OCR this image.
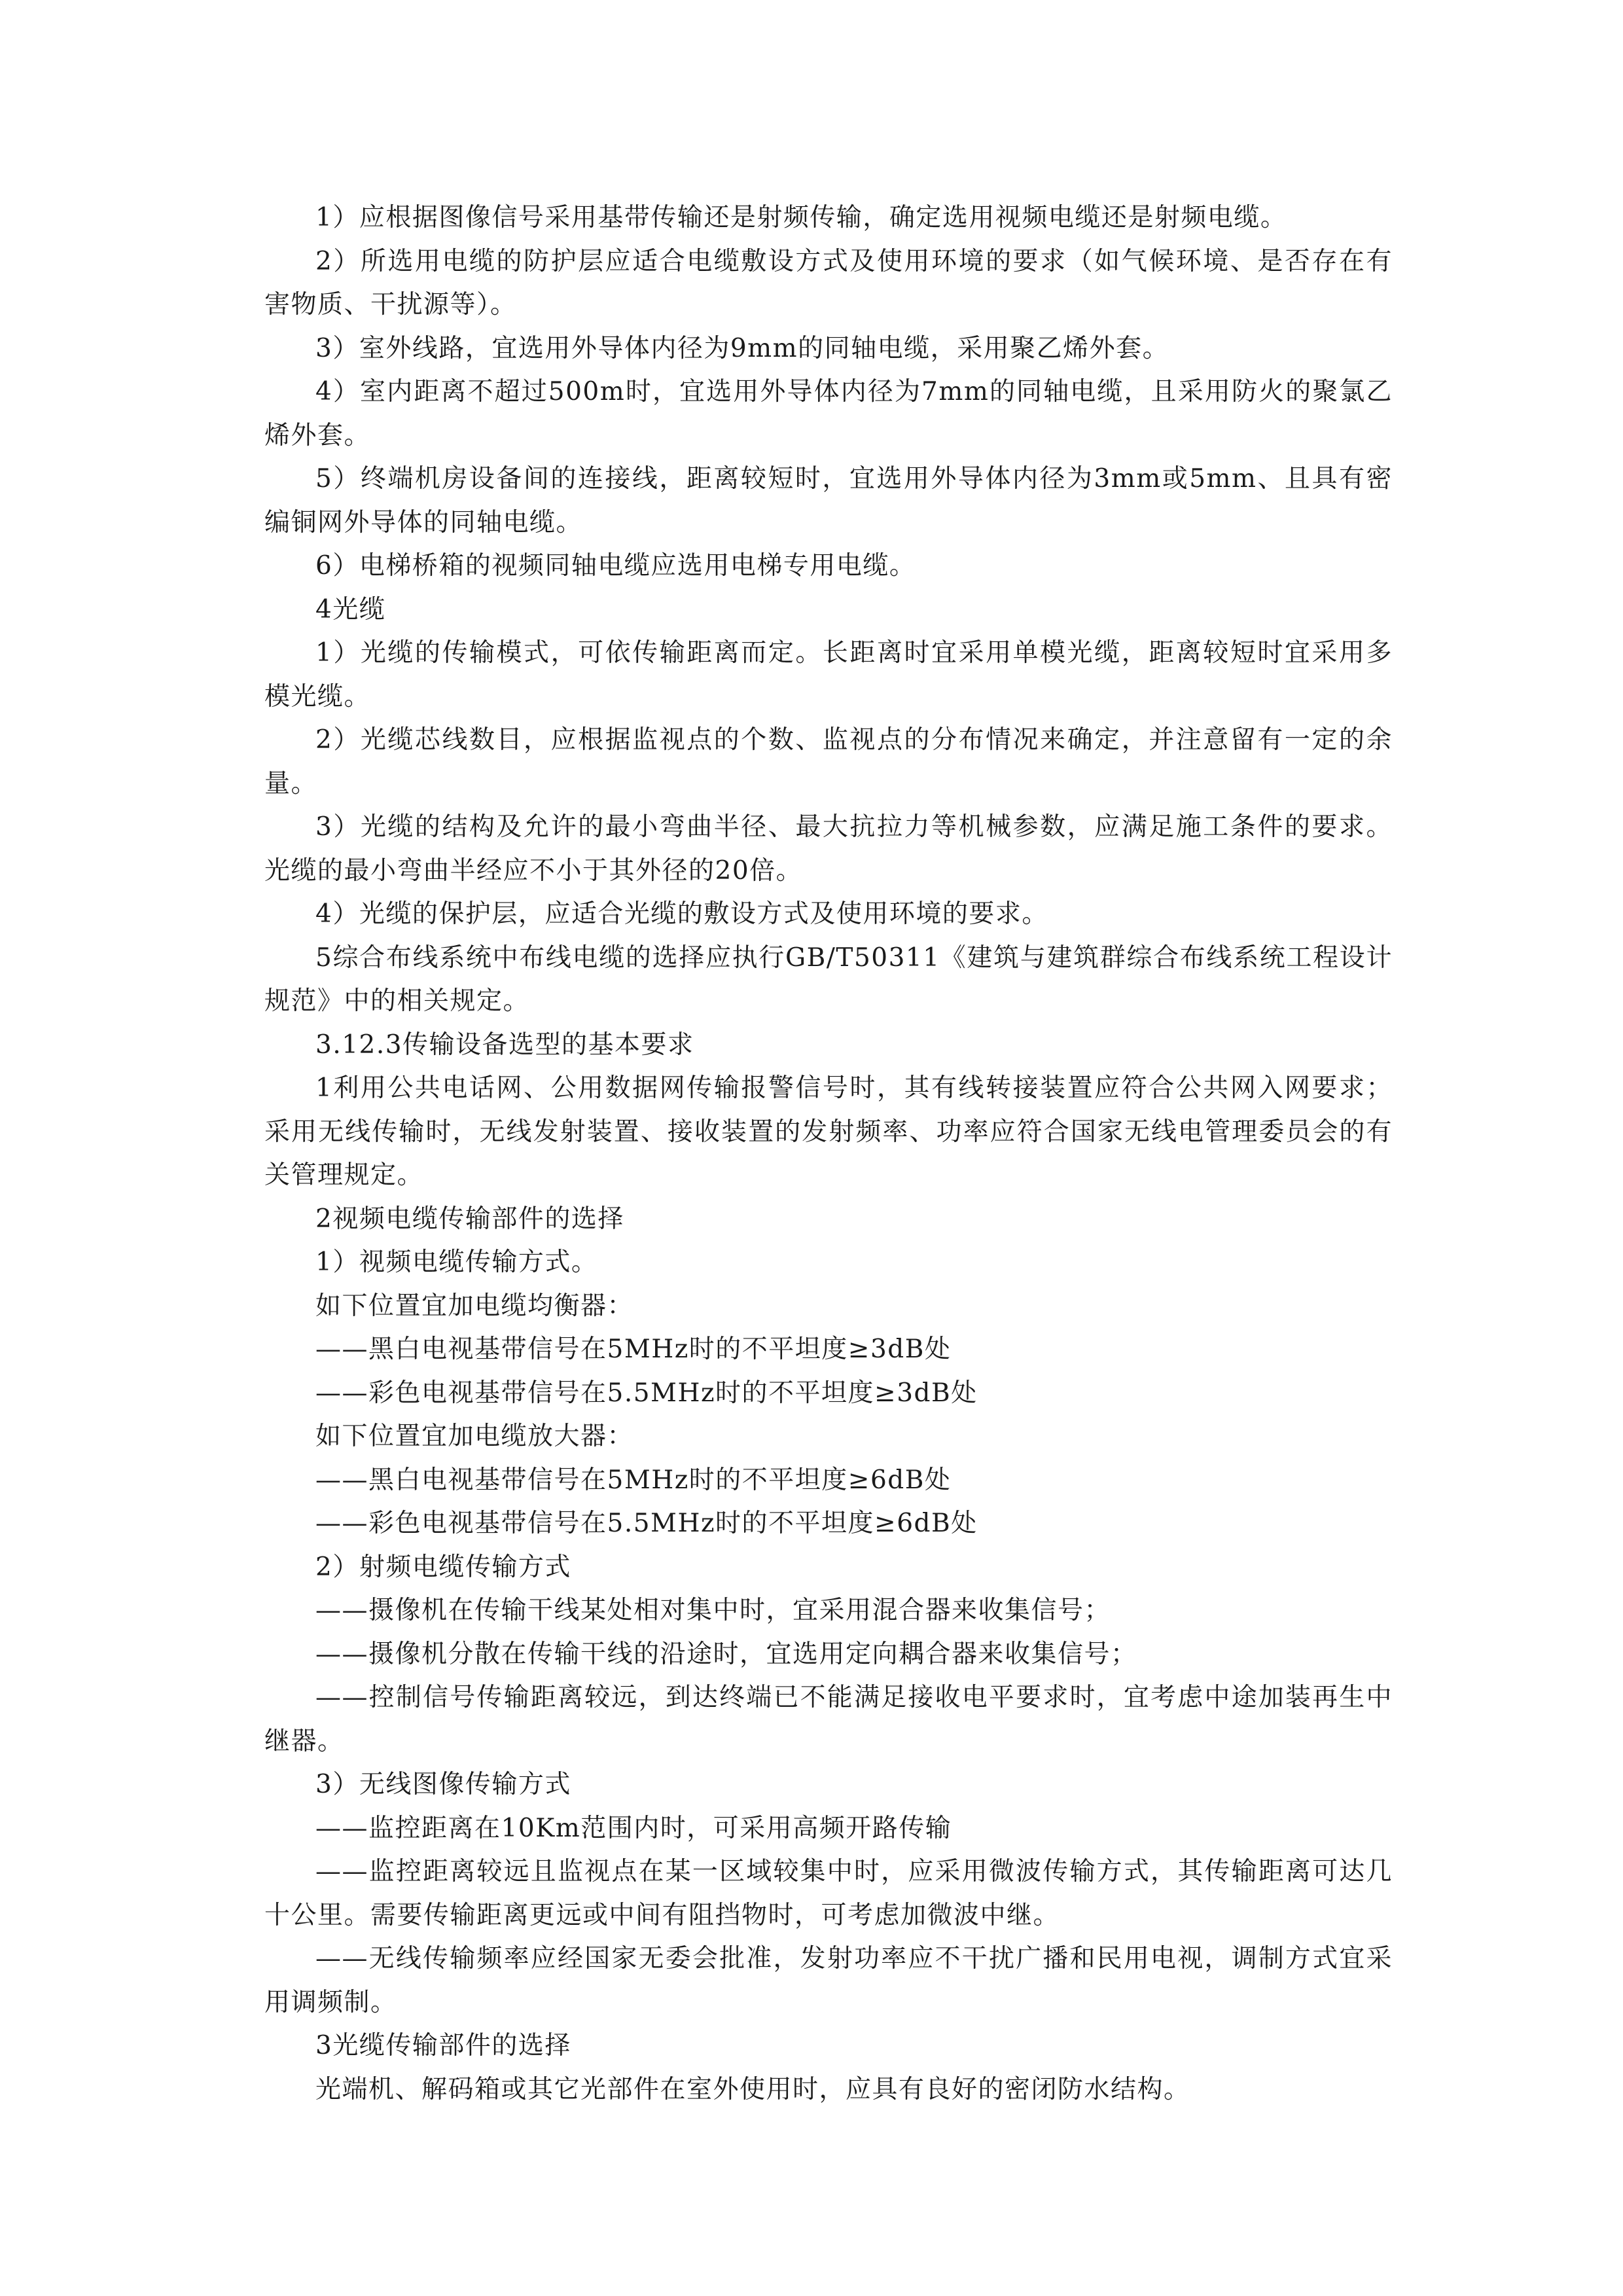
1）应根据图像信号采用基带传输还是射频传输，确定选用视频电缆还是射频电缆。

2）所选用电缆的防护层应适合电缆敷设方式及使用环境的要求（如气候环境、是否存在有害物质、干扰源等）。

3）室外线路，宜选用外导体内径为9mm的同轴电缆，采用聚乙烯外套。

4）室内距离不超过500m时，宜选用外导体内径为7mm的同轴电缆，且采用防火的聚氯乙烯外套。

5）终端机房设备间的连接线，距离较短时，宜选用外导体内径为3mm或5mm、且具有密编铜网外导体的同轴电缆。

6）电梯桥箱的视频同轴电缆应选用电梯专用电缆。

4光缆

1）光缆的传输模式，可依传输距离而定。长距离时宜采用单模光缆，距离较短时宜采用多模光缆。

2）光缆芯线数目，应根据监视点的个数、监视点的分布情况来确定，并注意留有一定的余量。

3）光缆的结构及允许的最小弯曲半径、最大抗拉力等机械参数，应满足施工条件的要求。光缆的最小弯曲半经应不小于其外径的20倍。

4）光缆的保护层，应适合光缆的敷设方式及使用环境的要求。

5综合布线系统中布线电缆的选择应执行GB/T50311《建筑与建筑群综合布线系统工程设计规范》中的相关规定。

3.12.3传输设备选型的基本要求

1利用公共电话网、公用数据网传输报警信号时，其有线转接装置应符合公共网入网要求；采用无线传输时，无线发射装置、接收装置的发射频率、功率应符合国家无线电管理委员会的有关管理规定。

2视频电缆传输部件的选择

1）视频电缆传输方式。

如下位置宜加电缆均衡器：

——黑白电视基带信号在5MHz时的不平坦度≥3dB处

——彩色电视基带信号在5.5MHz时的不平坦度≥3dB处

如下位置宜加电缆放大器：

——黑白电视基带信号在5MHz时的不平坦度≥6dB处

——彩色电视基带信号在5.5MHz时的不平坦度≥6dB处

2）射频电缆传输方式

——摄像机在传输干线某处相对集中时，宜采用混合器来收集信号；

——摄像机分散在传输干线的沿途时，宜选用定向耦合器来收集信号；

——控制信号传输距离较远，到达终端已不能满足接收电平要求时，宜考虑中途加装再生中继器。

3）无线图像传输方式

——监控距离在10Km范围内时，可采用高频开路传输

——监控距离较远且监视点在某一区域较集中时，应采用微波传输方式，其传输距离可达几十公里。需要传输距离更远或中间有阻挡物时，可考虑加微波中继。

——无线传输频率应经国家无委会批准，发射功率应不干扰广播和民用电视，调制方式宜采用调频制。

3光缆传输部件的选择

光端机、解码箱或其它光部件在室外使用时，应具有良好的密闭防水结构。
